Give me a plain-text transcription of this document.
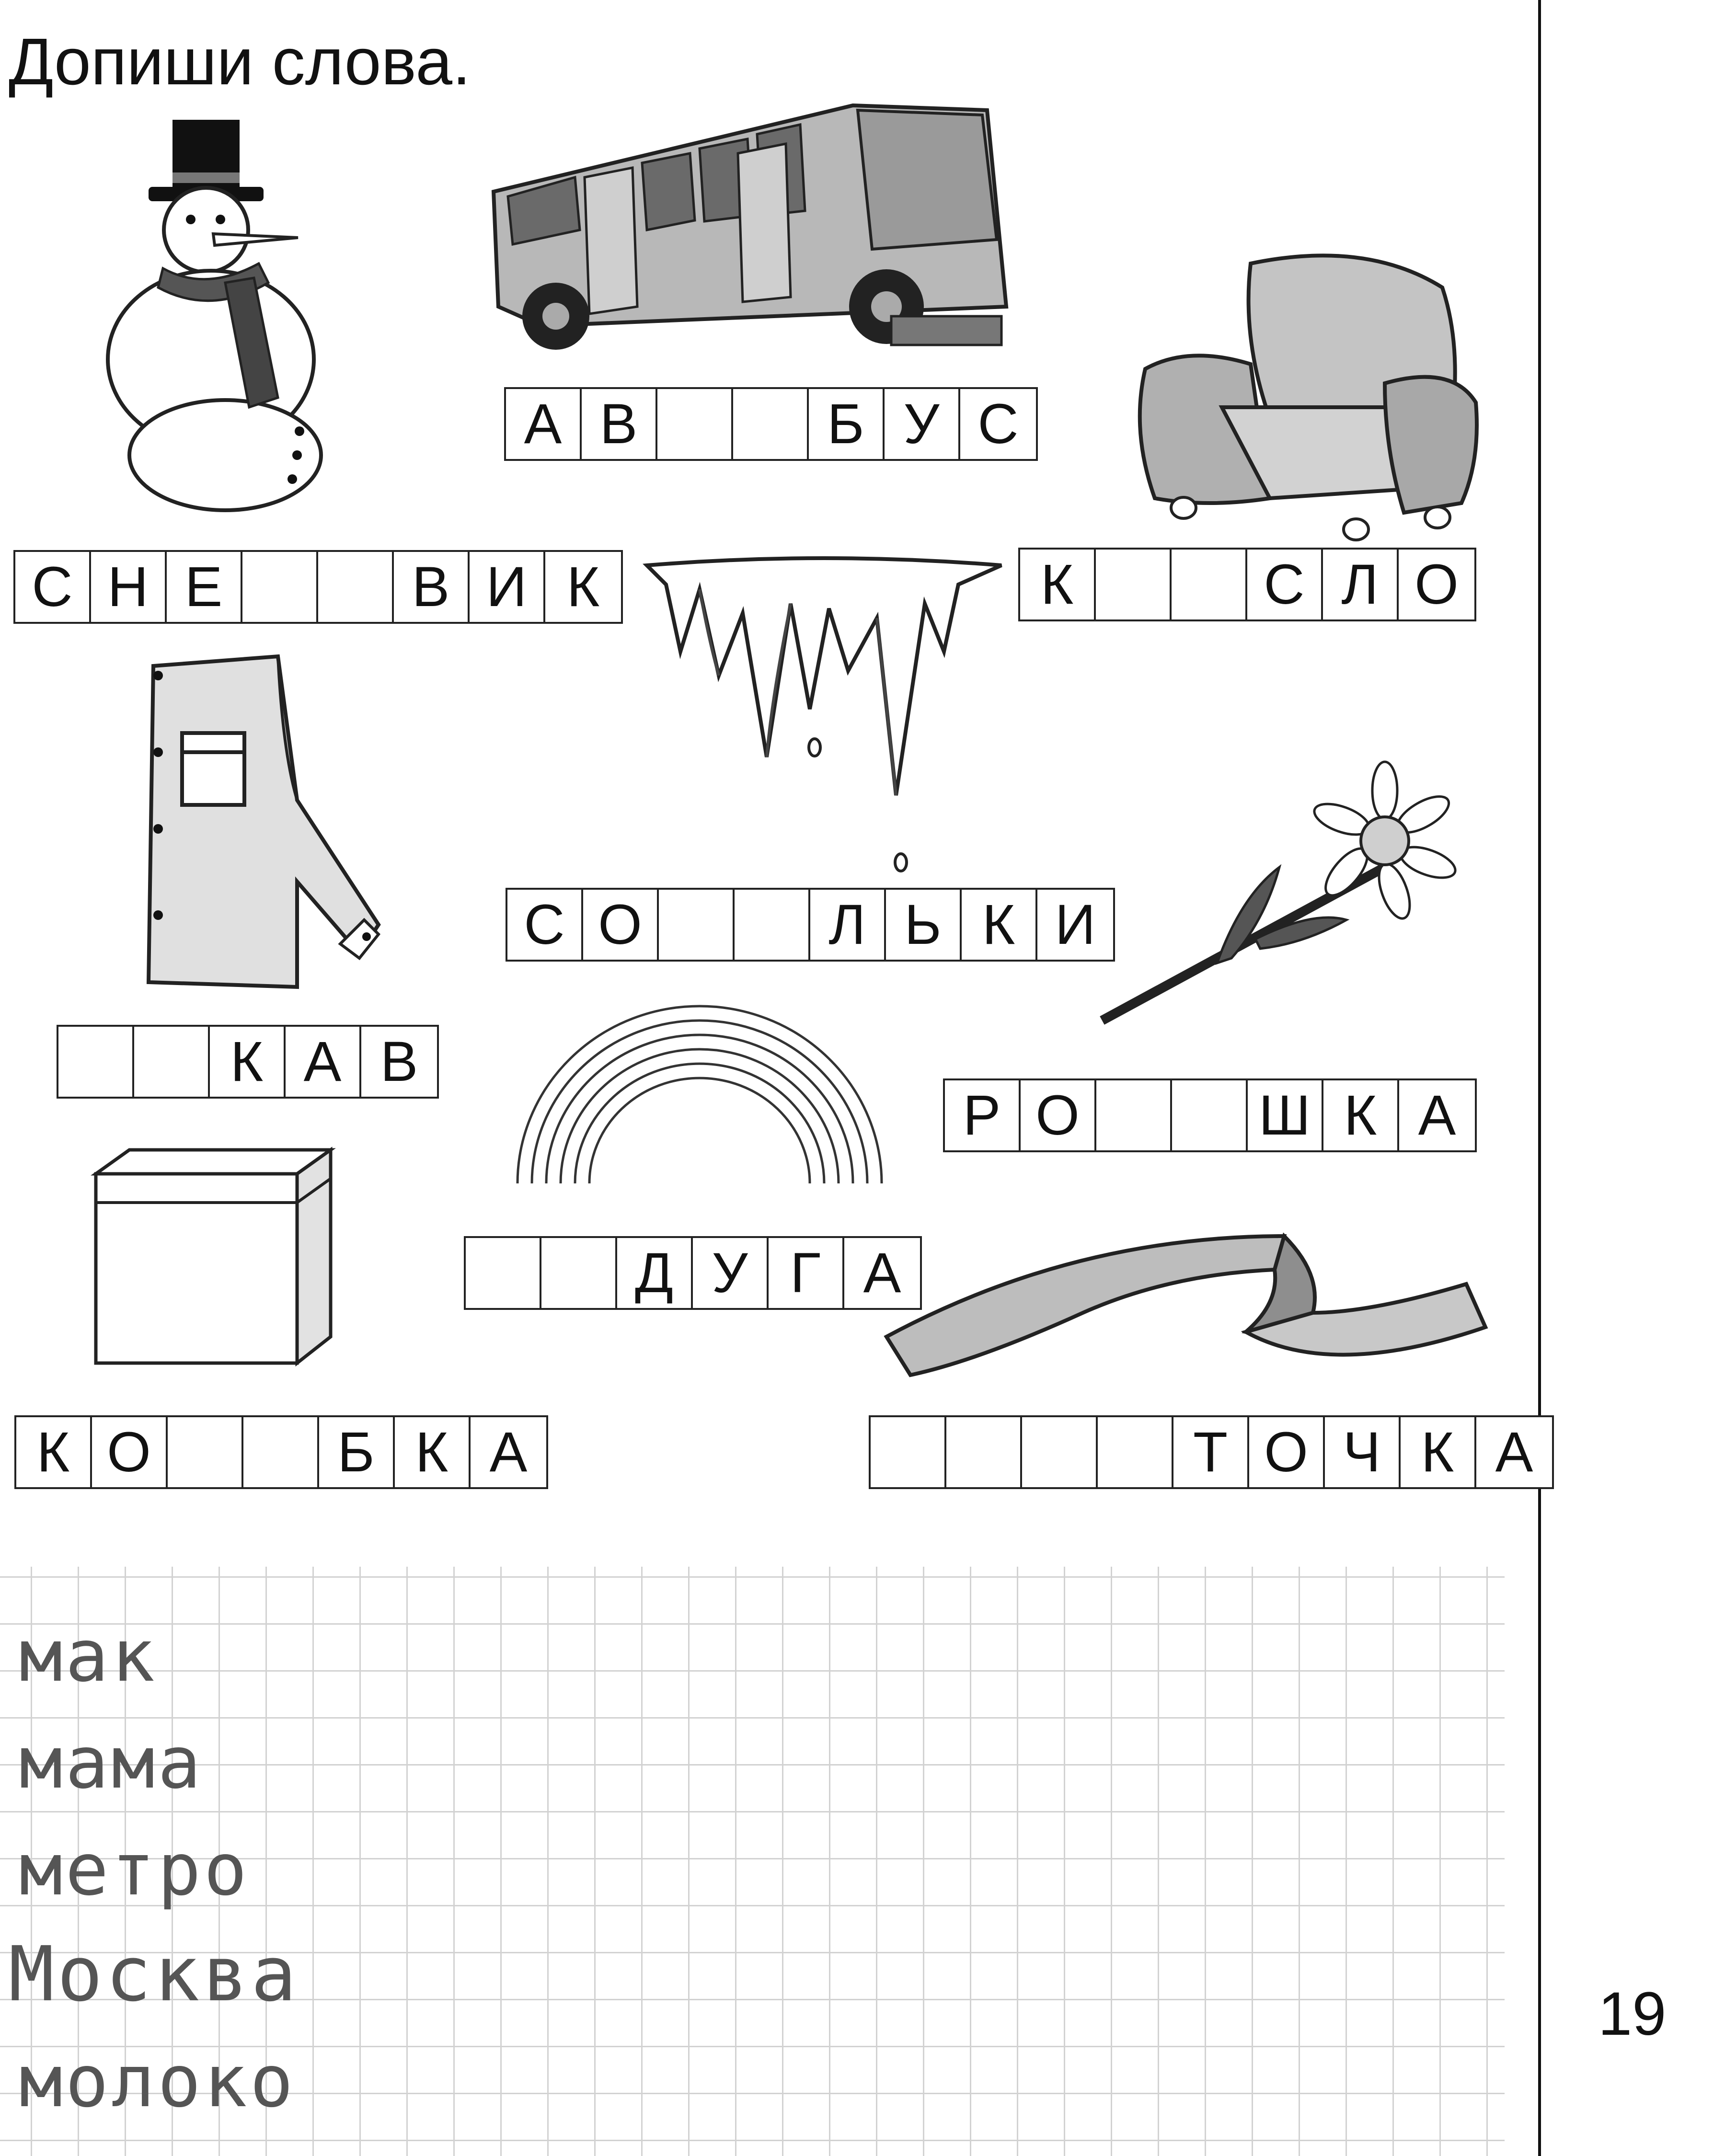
Допиши слова.
19
А В	Б У С
С Н Е	В И К	К	С Л О
С О	Л Ь К И
К А В
Р О	Ш К А
Д У Г А
К О	Б К А	Т О Ч К А
мак
мама
метро
Москва
молоко
